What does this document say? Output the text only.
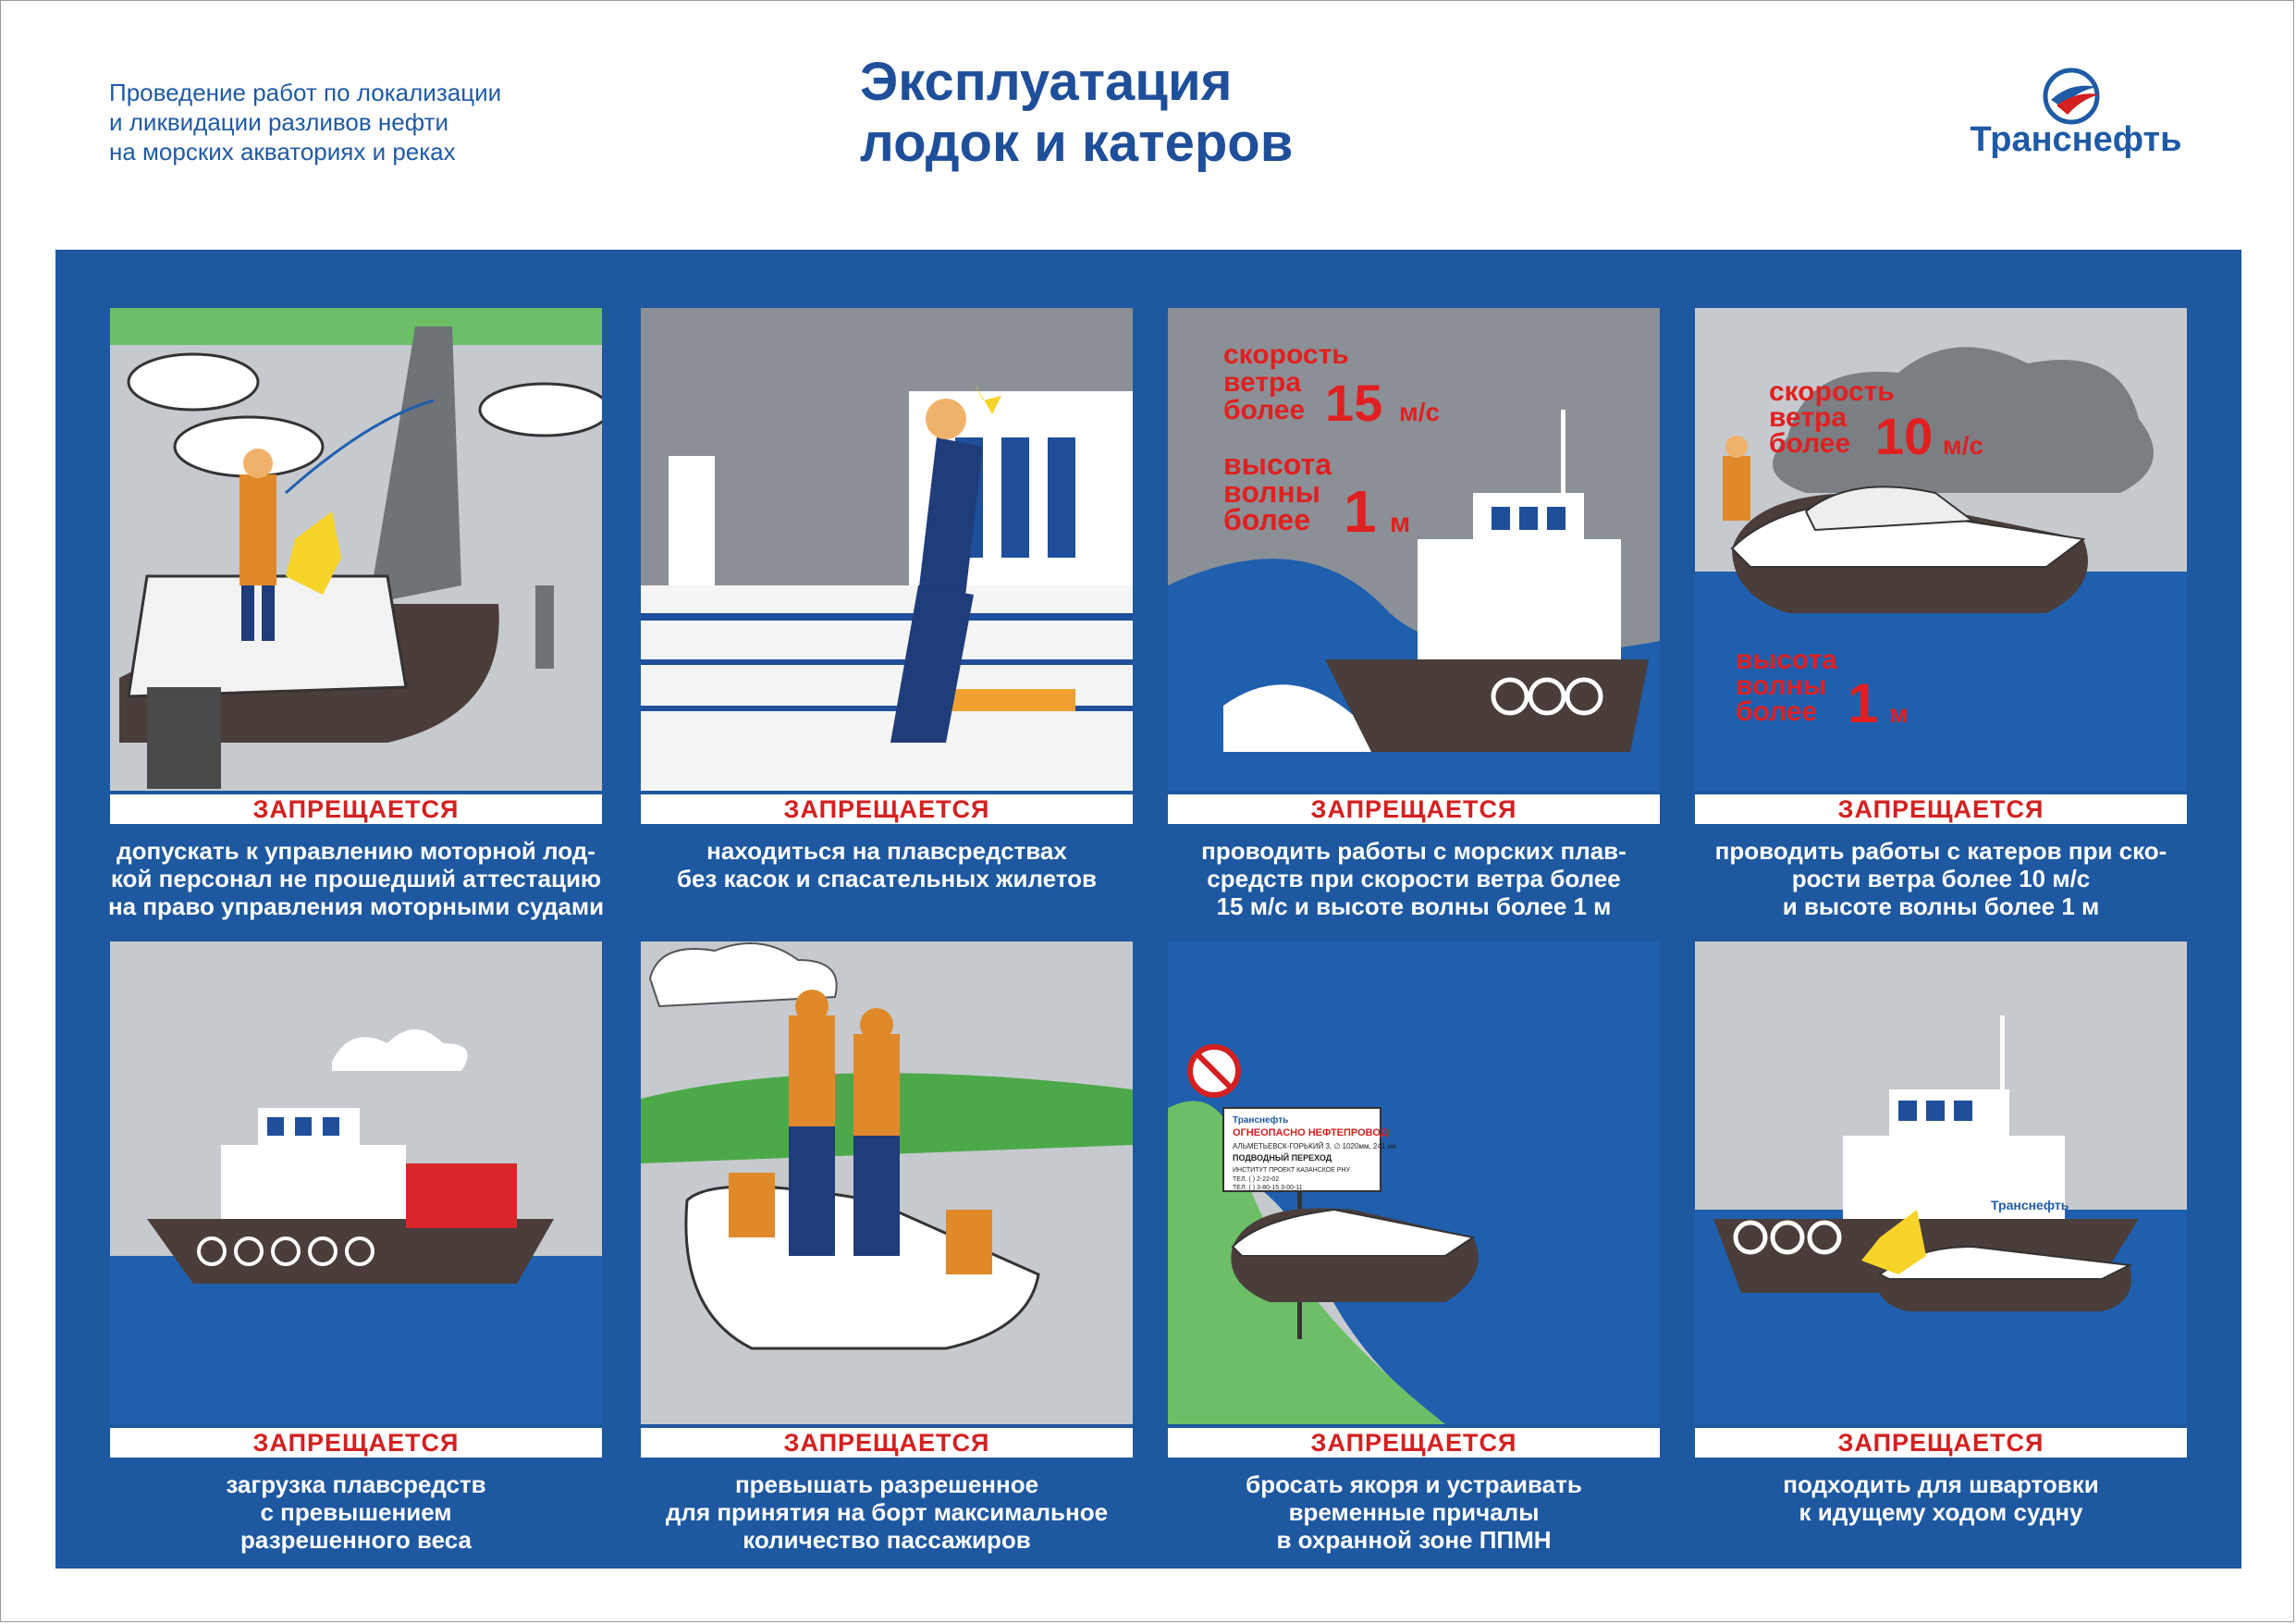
Проведение работ по локализации
и ликвидации разливов нефти
на морских акваториях и реках
Эксплуатация
лодок и катеров	Транснефть
ЗАПРЕЩАЕТСЯ
допускать к управлению моторной лод-
кой персонал не прошедший аттестацию
на право управления моторными судами
ЗАПРЕЩАЕТСЯ
находиться на плавсредствах
без касок и спасательных жилетов
скорость
ветра
более 15 м/с
высота
волны
более 1 м
ЗАПРЕЩАЕТСЯ
проводить работы с морских плав-
средств при скорости ветра более
15 м/с и высоте волны более 1 м
скорость
ветра
более 10 м/с
высота
волны
более 1 м
ЗАПРЕЩАЕТСЯ
проводить работы с катеров при ско-
рости ветра более 10 м/с
и высоте волны более 1 м
ЗАПРЕЩАЕТСЯ
загрузка плавсредств
с превышением
разрешенного веса
ЗАПРЕЩАЕТСЯ
превышать разрешенное
для принятия на борт максимальное
количество пассажиров
Транснефть
ОГНЕОПАСНО НЕФТЕПРОВОД!
АЛЬМЕТЬЕВСК-ГОРЬКИЙ 3, ∅ 1020мм, 241 км
ПОДВОДНЫЙ ПЕРЕХОД
ИНСТИТУТ ПРОЕКТ КАЗАНСКОЕ РНУ
ТЕЛ. ( ) 2-22-02
ТЕЛ. ( ) 3-80-15 3-00-11
ЗАПРЕЩАЕТСЯ
бросать якоря и устраивать
временные причалы
в охранной зоне ППМН
Транснефть
ЗАПРЕЩАЕТСЯ
подходить для швартовки
к идущему ходом судну
